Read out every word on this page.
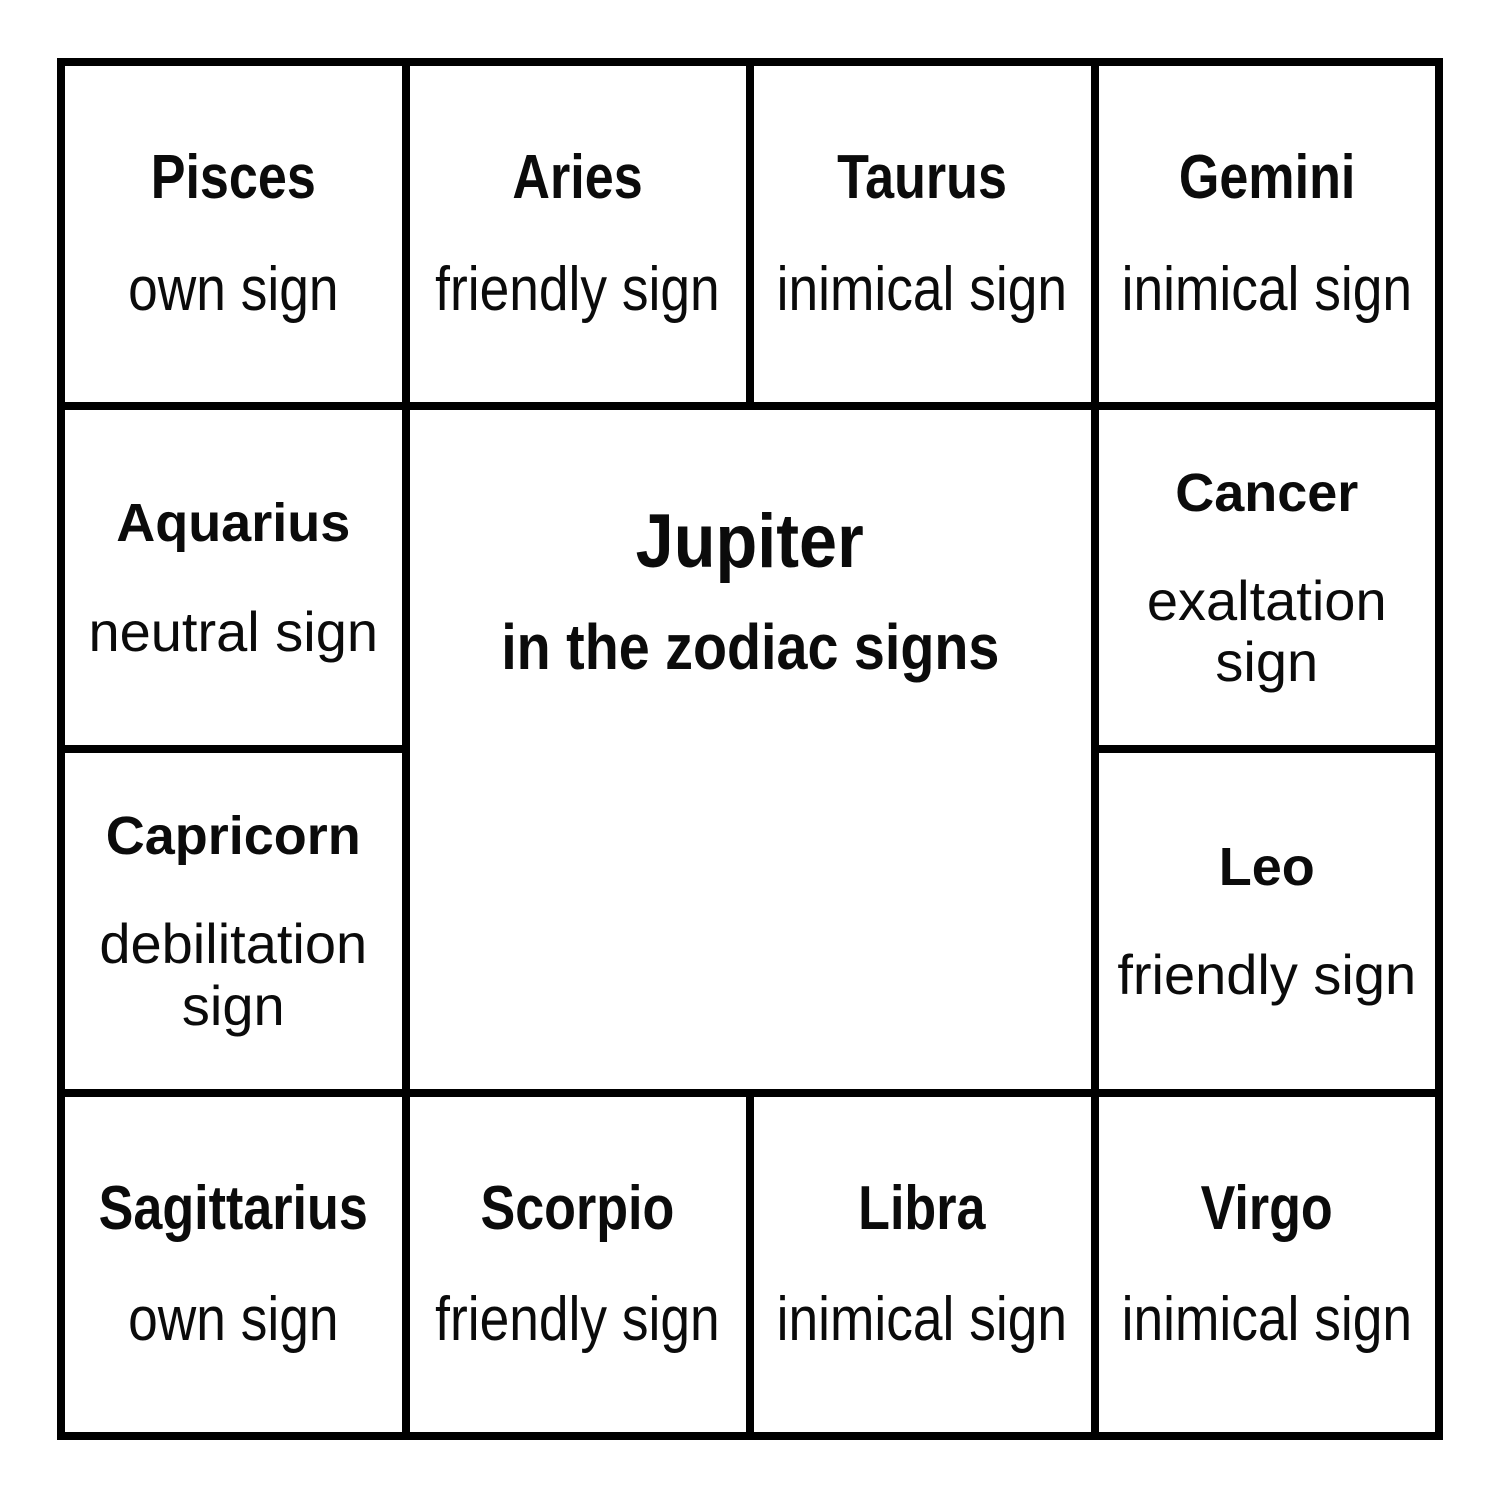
Pisces
own sign
Aries
friendly sign
Taurus
inimical sign
Gemini
inimical sign
Aquarius
neutral sign
Jupiter
in the zodiac signs
Cancer
exaltation sign
Capricorn
debilitation sign
Leo
friendly sign
Sagittarius
own sign
Scorpio
friendly sign
Libra
inimical sign
Virgo
inimical sign
